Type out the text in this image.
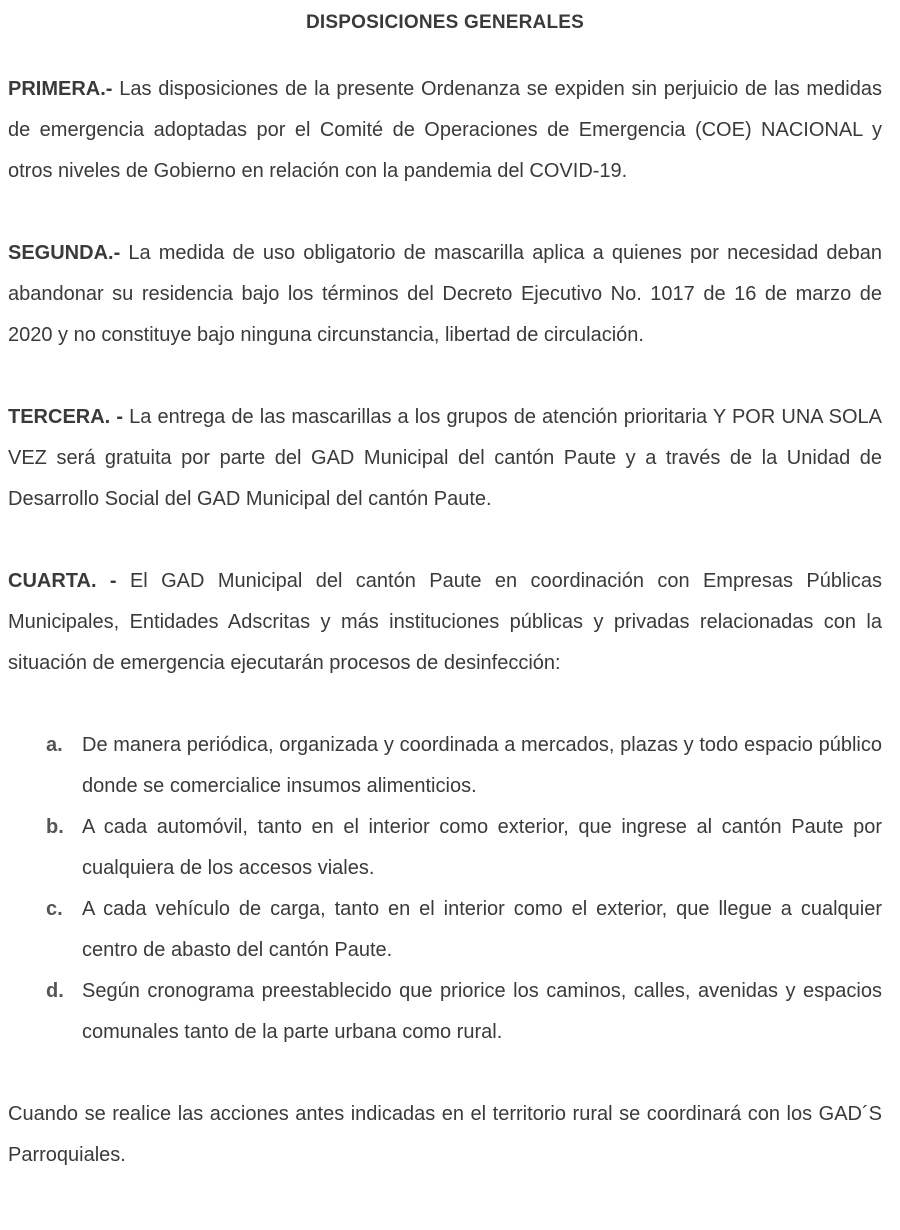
DISPOSICIONES GENERALES

PRIMERA.- Las disposiciones de la presente Ordenanza se expiden sin perjuicio de las medidas de emergencia adoptadas por el Comité de Operaciones de Emergencia (COE) NACIONAL y otros niveles de Gobierno en relación con la pandemia del COVID-19.

SEGUNDA.- La medida de uso obligatorio de mascarilla aplica a quienes por necesidad deban abandonar su residencia bajo los términos del Decreto Ejecutivo No. 1017 de 16 de marzo de 2020 y no constituye bajo ninguna circunstancia, libertad de circulación.

TERCERA. - La entrega de las mascarillas a los grupos de atención prioritaria Y POR UNA SOLA VEZ será gratuita por parte del GAD Municipal del cantón Paute y a través de la Unidad de Desarrollo Social del GAD Municipal del cantón Paute.

CUARTA. - El GAD Municipal del cantón Paute en coordinación con Empresas Públicas Municipales, Entidades Adscritas y más instituciones públicas y privadas relacionadas con la situación de emergencia ejecutarán procesos de desinfección:

a. De manera periódica, organizada y coordinada a mercados, plazas y todo espacio público donde se comercialice insumos alimenticios.
b. A cada automóvil, tanto en el interior como exterior, que ingrese al cantón Paute por cualquiera de los accesos viales.
c. A cada vehículo de carga, tanto en el interior como el exterior, que llegue a cualquier centro de abasto del cantón Paute.
d. Según cronograma preestablecido que priorice los caminos, calles, avenidas y espacios comunales tanto de la parte urbana como rural.

Cuando se realice las acciones antes indicadas en el territorio rural se coordinará con los GAD´S Parroquiales.
